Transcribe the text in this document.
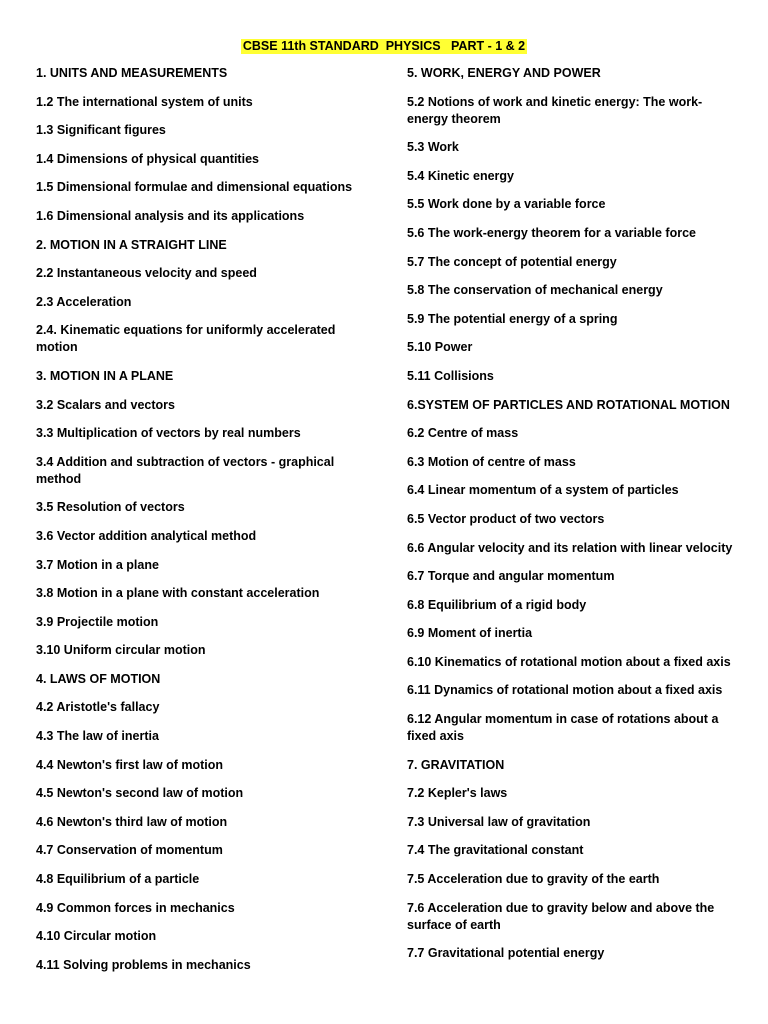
CBSE 11th STANDARD  PHYSICS   PART - 1 & 2

1. UNITS AND MEASUREMENTS

1.2 The international system of units

1.3 Significant figures

1.4 Dimensions of physical quantities

1.5 Dimensional formulae and dimensional equations

1.6 Dimensional analysis and its applications

2. MOTION IN A STRAIGHT LINE

2.2 Instantaneous velocity and speed

2.3 Acceleration

2.4. Kinematic equations for uniformly accelerated motion

3. MOTION IN A PLANE

3.2 Scalars and vectors

3.3 Multiplication of vectors by real numbers

3.4 Addition and subtraction of vectors - graphical method

3.5 Resolution of vectors

3.6 Vector addition analytical method

3.7 Motion in a plane

3.8 Motion in a plane with constant acceleration

3.9 Projectile motion

3.10 Uniform circular motion

4. LAWS OF MOTION

4.2 Aristotle's fallacy

4.3 The law of inertia

4.4 Newton's first law of motion

4.5 Newton's second law of motion

4.6 Newton's third law of motion

4.7 Conservation of momentum

4.8 Equilibrium of a particle

4.9 Common forces in mechanics

4.10 Circular motion

4.11 Solving problems in mechanics

5. WORK, ENERGY AND POWER

5.2 Notions of work and kinetic energy: The work-energy theorem

5.3 Work

5.4 Kinetic energy

5.5 Work done by a variable force

5.6 The work-energy theorem for a variable force

5.7 The concept of potential energy

5.8 The conservation of mechanical energy

5.9 The potential energy of a spring

5.10 Power

5.11 Collisions

6.SYSTEM OF PARTICLES AND ROTATIONAL MOTION

6.2 Centre of mass

6.3 Motion of centre of mass

6.4 Linear momentum of a system of particles

6.5 Vector product of two vectors

6.6 Angular velocity and its relation with linear velocity

6.7 Torque and angular momentum

6.8 Equilibrium of a rigid body

6.9 Moment of inertia

6.10 Kinematics of rotational motion about a fixed axis

6.11 Dynamics of rotational motion about a fixed axis

6.12 Angular momentum in case of rotations about a fixed axis

7. GRAVITATION

7.2 Kepler's laws

7.3 Universal law of gravitation

7.4 The gravitational constant

7.5 Acceleration due to gravity of the earth

7.6 Acceleration due to gravity below and above the surface of earth

7.7 Gravitational potential energy
